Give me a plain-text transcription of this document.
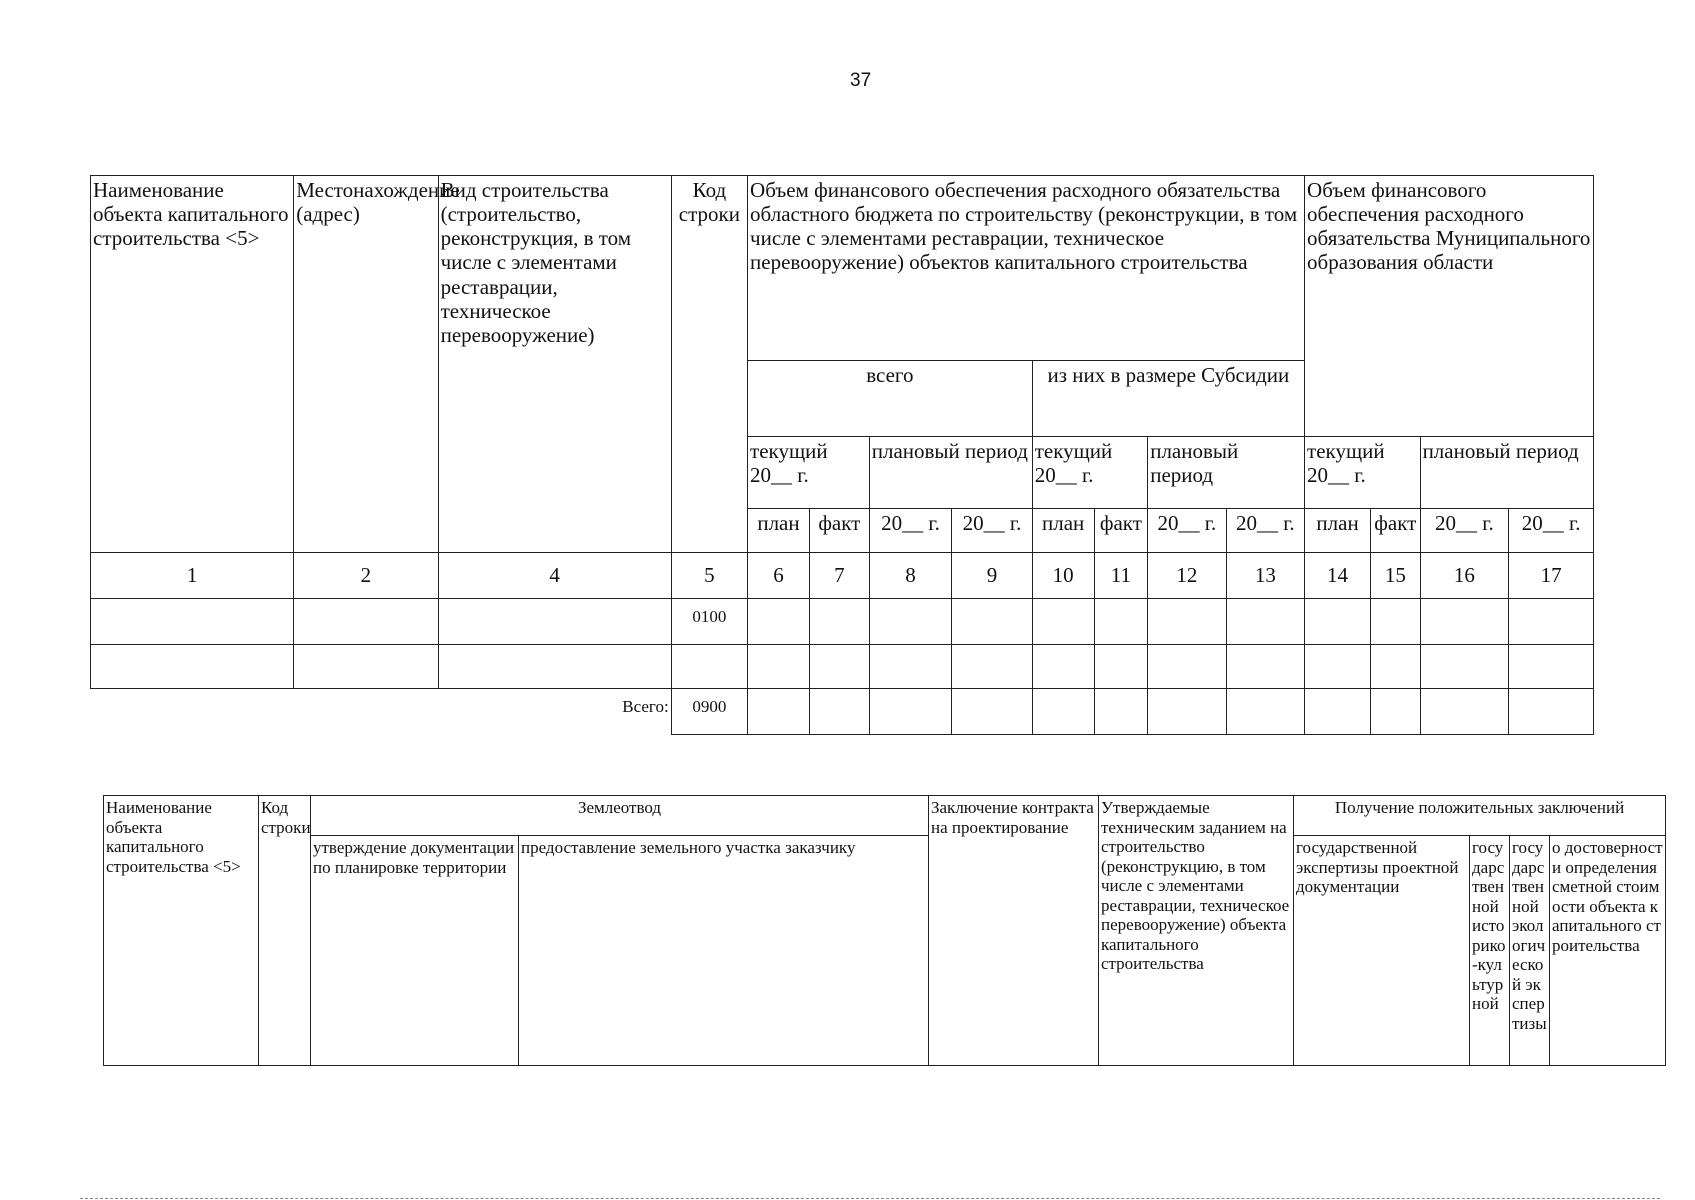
37
Наименование объекта капитального строительства <5>	Местонахождение (адрес)	Вид строительства (строительство, реконструкция, в том числе с элементами реставрации, техническое перевооружение)	Код строки	Объем финансового обеспечения расходного обязательства областного бюджета по строительству (реконструкции, в том числе с элементами реставрации, техническое перевооружение) объектов капитального строительства								Объем финансового обеспечения расходного обязательства Муниципального образования области			
				всего				из них в размере Субсидии							
				текущий 20__ г.		плановый период		текущий 20__ г.		плановый период		текущий 20__ г.		плановый период	
				план	факт	20__ г.	20__ г.	план	факт	20__ г.	20__ г.	план	факт	20__ г.	20__ г.
1	2	4	5	6	7	8	9	10	11	12	13	14	15	16	17
			0100												

		Всего:	0900												
Наименование объекта капитального строительства <5>	Код строки	Землеотвод		Заключение контракта на проектирование	Утверждаемые техническим заданием на строительство (реконструкцию, в том числе с элементами реставрации, техническое перевооружение) объекта капитального строительства	Получение положительных заключений			
		утверждение документации по планировке территории	предоставление земельного участка заказчику			государственной экспертизы проектной документации	государственной историко-культурной	государственной экологической экспертизы	о достоверности определения сметной стоимости объекта капитального строительства
